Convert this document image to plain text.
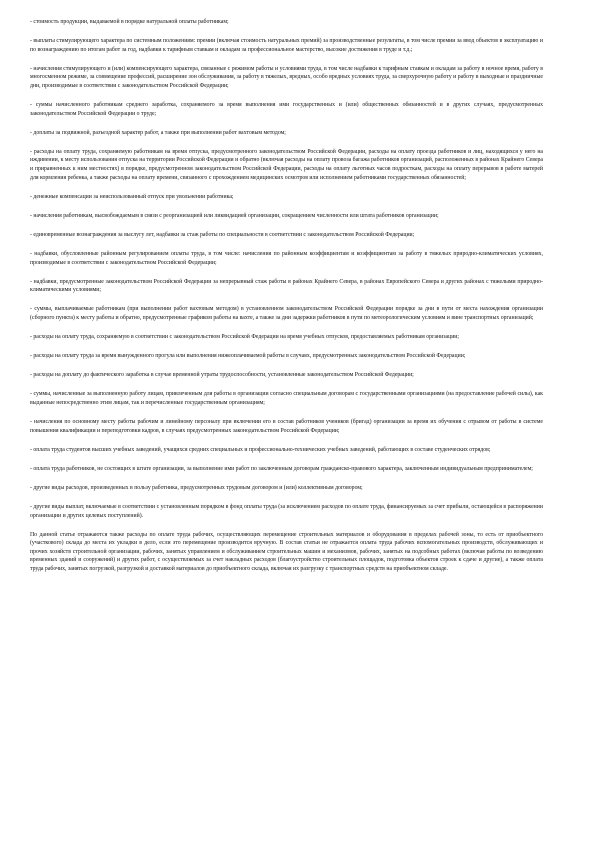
- стоимость продукции, выдаваемой в порядке натуральной оплаты работникам;
- выплаты стимулирующего характера по системным положениям: премии (включая стоимость натуральных премий) за производственные результаты, в том числе премии за ввод объектов в эксплуатацию и по вознаграждению по итогам работ за год, надбавки к тарифным ставкам и окладам за профессиональное мастерство, высокие достижения в труде и т.д.;
- начисления стимулирующего и (или) компенсирующего характера, связанные с режимом работы и условиями труда, в том числе надбавки к тарифным ставкам и окладам за работу в ночное время, работу в многосменном режиме, за совмещение профессий, расширение зон обслуживания, за работу в тяжелых, вредных, особо вредных условиях труда, за сверхурочную работу и работу в выходные и праздничные дни, производимые в соответствии с законодательством Российской Федерации;
- суммы начисленного работникам среднего заработка, сохраняемого за время выполнения ими государственных и (или) общественных обязанностей и в других случаях, предусмотренных законодательством Российской Федерации о труде;
- доплаты за подвижной, разъездной характер работ, а также при выполнении работ вахтовым методом;
- расходы на оплату труда, сохраняемую работникам на время отпуска, предусмотренного законодательством Российской Федерации, расходы на оплату проезда работников и лиц, находящихся у него на иждивении, к месту использования отпуска на территории Российской Федерации и обратно (включая расходы на оплату провоза багажа работников организаций, расположенных в районах Крайнего Севера и приравненных к ним местностях) в порядке, предусмотренном законодательством Российской Федерации, расходы на оплату льготных часов подросткам, расходы на оплату перерывов в работе матерей для кормления ребенка, а также расходы на оплату времени, связанного с прохождением медицинских осмотров или исполнением работниками государственных обязанностей;
- денежные компенсации за неиспользованный отпуск при увольнении работника;
- начисления работникам, высвобождаемым в связи с реорганизацией или ликвидацией организации, сокращением численности или штата работников организации;
- единовременные вознаграждения за выслугу лет, надбавки за стаж работы по специальности в соответствии с законодательством Российской Федерации;
- надбавки, обусловленные районным регулированием оплаты труда, в том числе: начисления по районным коэффициентам и коэффициентам за работу в тяжелых природно-климатических условиях, производимые в соответствии с законодательством Российской Федерации;
- надбавки, предусмотренные законодательством Российской Федерации за непрерывный стаж работы в районах Крайнего Севера, в районах Европейского Севера и других районах с тяжелыми природно-климатическими условиями;
- суммы, выплачиваемые работникам (при выполнении работ вахтовым методом) в установленном законодательством Российской Федерации порядке за дни в пути от места нахождения организации (сборного пункта) к месту работы и обратно, предусмотренные графиком работы на вахте, а также за дни задержки работников в пути по метеорологическим условиям и вине транспортных организаций;
- расходы на оплату труда, сохраняемую в соответствии с законодательством Российской Федерации на время учебных отпусков, предоставляемых работникам организации;
- расходы на оплату труда за время вынужденного прогула или выполнения нижеоплачиваемой работы в случаях, предусмотренных законодательством Российской Федерации;
- расходы на доплату до фактического заработка в случае временной утраты трудоспособности, установленные законодательством Российской Федерации;
- суммы, начисленные за выполненную работу лицам, привлеченным для работы в организации согласно специальным договорам с государственными организациями (на предоставление рабочей силы), как выданные непосредственно этим лицам, так и перечисленные государственным организациям;
- начисления по основному месту работы рабочим и линейному персоналу при включении его в состав работников учеников (бригад) организации за время их обучения с отрывом от работы в системе повышения квалификации и переподготовки кадров, в случаях предусмотренных законодательством Российской Федерации;
- оплата труда студентов высших учебных заведений, учащихся средних специальных и профессионально-технических учебных заведений, работающих в составе студенческих отрядов;
- оплата труда работников, не состоящих в штате организации, за выполнение ими работ по заключенным договорам гражданско-правового характера, заключенным индивидуальным предпринимателем;
- другие виды расходов, произведенных в пользу работника, предусмотренных трудовым договором и (или) коллективным договором;
- другие виды выплат, включаемые в соответствии с установленным порядком в фонд оплаты труда (за исключением расходов по оплате труда, финансируемых за счет прибыли, остающейся в распоряжении организации и других целевых поступлений).
По данной статье отражаются также расходы по оплате труда рабочих, осуществляющих перемещение строительных материалов и оборудования в пределах рабочей зоны, то есть от приобъектного (участкового) склада до места их укладки в дело, если это перемещение производится вручную. В состав статьи не отражается оплата труда рабочих вспомогательных производств, обслуживающих и прочих хозяйств строительной организации, рабочих, занятых управлением и обслуживанием строительных машин и механизмов, рабочих, занятых на подсобных работах (включая работы по возведению временных зданий и сооружений) и других работ, с осуществляемых за счет накладных расходов (благоустройство строительных площадок, подготовка объектов строек к сдаче и другие), а также оплата труда рабочих, занятых погрузкой, разгрузкой и доставкой материалов до приобъектного склада, включая их разгрузку с транспортных средств на приобъектном складе.
